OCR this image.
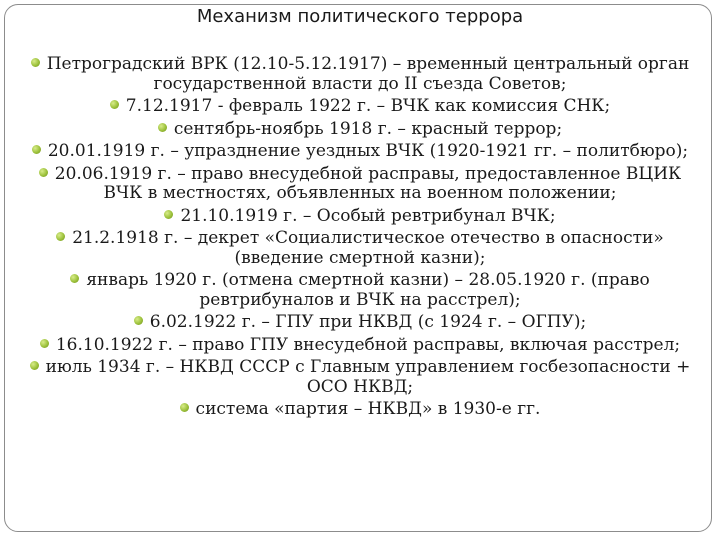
Механизм политического террора
Петроградский ВРК (12.10-5.12.1917) – временный центральный орган государственной власти до II съезда Советов;
7.12.1917 - февраль 1922 г. – ВЧК как комиссия СНК;
сентябрь-ноябрь 1918 г. – красный террор;
20.01.1919 г. – упразднение уездных ВЧК (1920-1921 гг. – политбюро);
20.06.1919 г. – право внесудебной расправы, предоставленное ВЦИК ВЧК в местностях, объявленных на военном положении;
21.10.1919 г. – Особый ревтрибунал ВЧК;
21.2.1918 г. – декрет «Социалистическое отечество в опасности» (введение смертной казни);
январь 1920 г. (отмена смертной казни) – 28.05.1920 г. (право ревтрибуналов и ВЧК на расстрел);
6.02.1922 г. – ГПУ при НКВД (с 1924 г. – ОГПУ);
16.10.1922 г. – право ГПУ внесудебной расправы, включая расстрел;
июль 1934 г. – НКВД СССР с Главным управлением госбезопасности + ОСО НКВД;
система «партия – НКВД» в 1930-е гг.
